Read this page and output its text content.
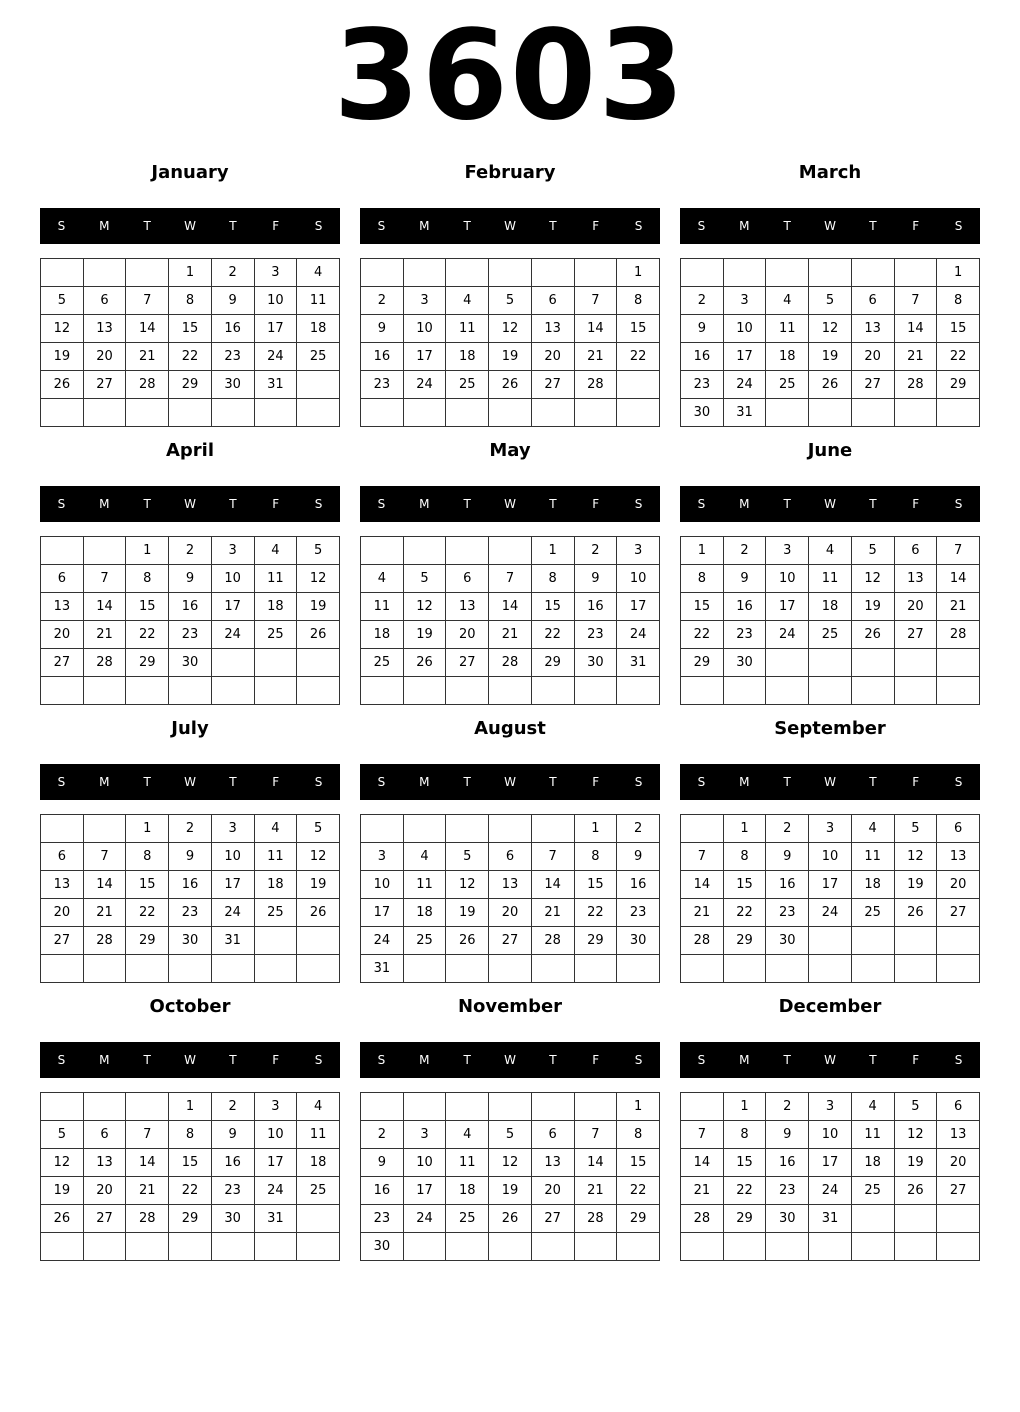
3603
January
S	M	T	W	T	F	S
			1	2	3	4
5	6	7	8	9	10	11
12	13	14	15	16	17	18
19	20	21	22	23	24	25
26	27	28	29	30	31	

February
S	M	T	W	T	F	S
						1
2	3	4	5	6	7	8
9	10	11	12	13	14	15
16	17	18	19	20	21	22
23	24	25	26	27	28	

March
S	M	T	W	T	F	S
						1
2	3	4	5	6	7	8
9	10	11	12	13	14	15
16	17	18	19	20	21	22
23	24	25	26	27	28	29
30	31					
April
S	M	T	W	T	F	S
		1	2	3	4	5
6	7	8	9	10	11	12
13	14	15	16	17	18	19
20	21	22	23	24	25	26
27	28	29	30			

May
S	M	T	W	T	F	S
				1	2	3
4	5	6	7	8	9	10
11	12	13	14	15	16	17
18	19	20	21	22	23	24
25	26	27	28	29	30	31

June
S	M	T	W	T	F	S
1	2	3	4	5	6	7
8	9	10	11	12	13	14
15	16	17	18	19	20	21
22	23	24	25	26	27	28
29	30					

July
S	M	T	W	T	F	S
		1	2	3	4	5
6	7	8	9	10	11	12
13	14	15	16	17	18	19
20	21	22	23	24	25	26
27	28	29	30	31		

August
S	M	T	W	T	F	S
					1	2
3	4	5	6	7	8	9
10	11	12	13	14	15	16
17	18	19	20	21	22	23
24	25	26	27	28	29	30
31						
September
S	M	T	W	T	F	S
	1	2	3	4	5	6
7	8	9	10	11	12	13
14	15	16	17	18	19	20
21	22	23	24	25	26	27
28	29	30				

October
S	M	T	W	T	F	S
			1	2	3	4
5	6	7	8	9	10	11
12	13	14	15	16	17	18
19	20	21	22	23	24	25
26	27	28	29	30	31	

November
S	M	T	W	T	F	S
						1
2	3	4	5	6	7	8
9	10	11	12	13	14	15
16	17	18	19	20	21	22
23	24	25	26	27	28	29
30						
December
S	M	T	W	T	F	S
	1	2	3	4	5	6
7	8	9	10	11	12	13
14	15	16	17	18	19	20
21	22	23	24	25	26	27
28	29	30	31			
